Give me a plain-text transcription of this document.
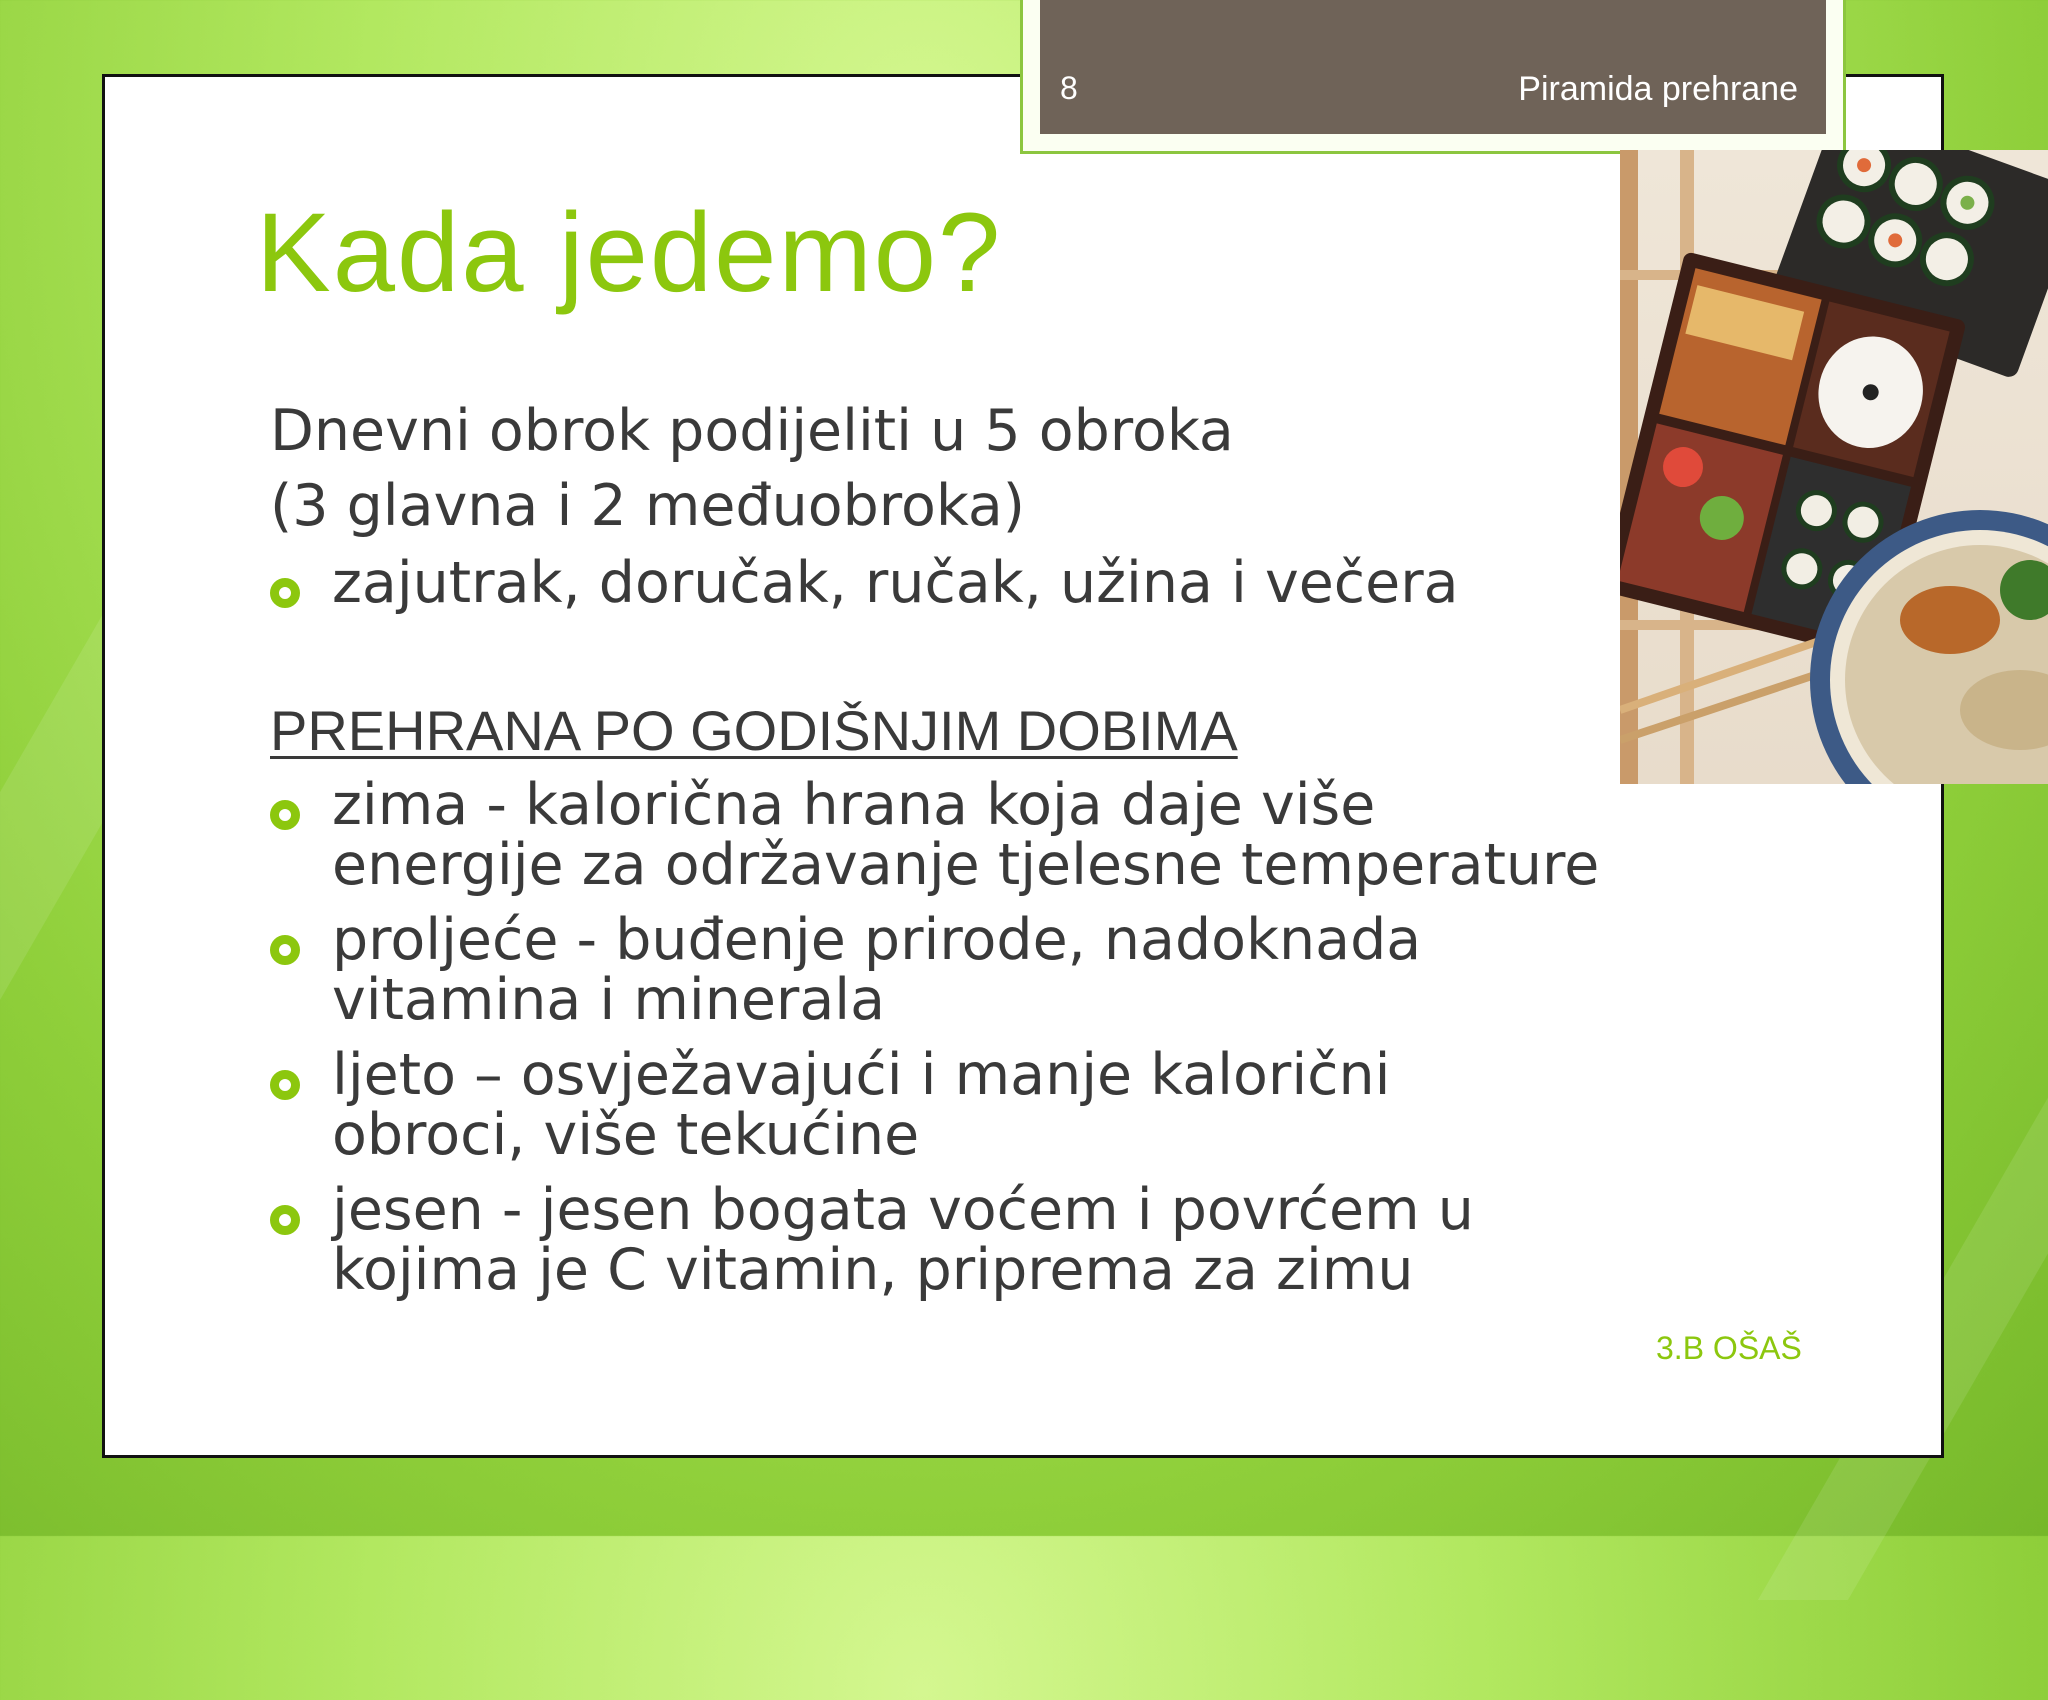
8	Piramida prehrane
Kada jedemo?
Dnevni obrok podijeliti u 5 obroka
(3 glavna i 2 međuobroka)
zajutrak, doručak, ručak, užina i večera
PREHRANA PO GODIŠNJIM DOBIMA
zima - kalorična hrana koja daje više
energije za održavanje tjelesne temperature
proljeće - buđenje prirode, nadoknada
vitamina i minerala
ljeto – osvježavajući i manje kalorični
obroci, više tekućine
jesen - jesen bogata voćem i povrćem u
kojima je C vitamin, priprema za zimu
3.B OŠAŠ
